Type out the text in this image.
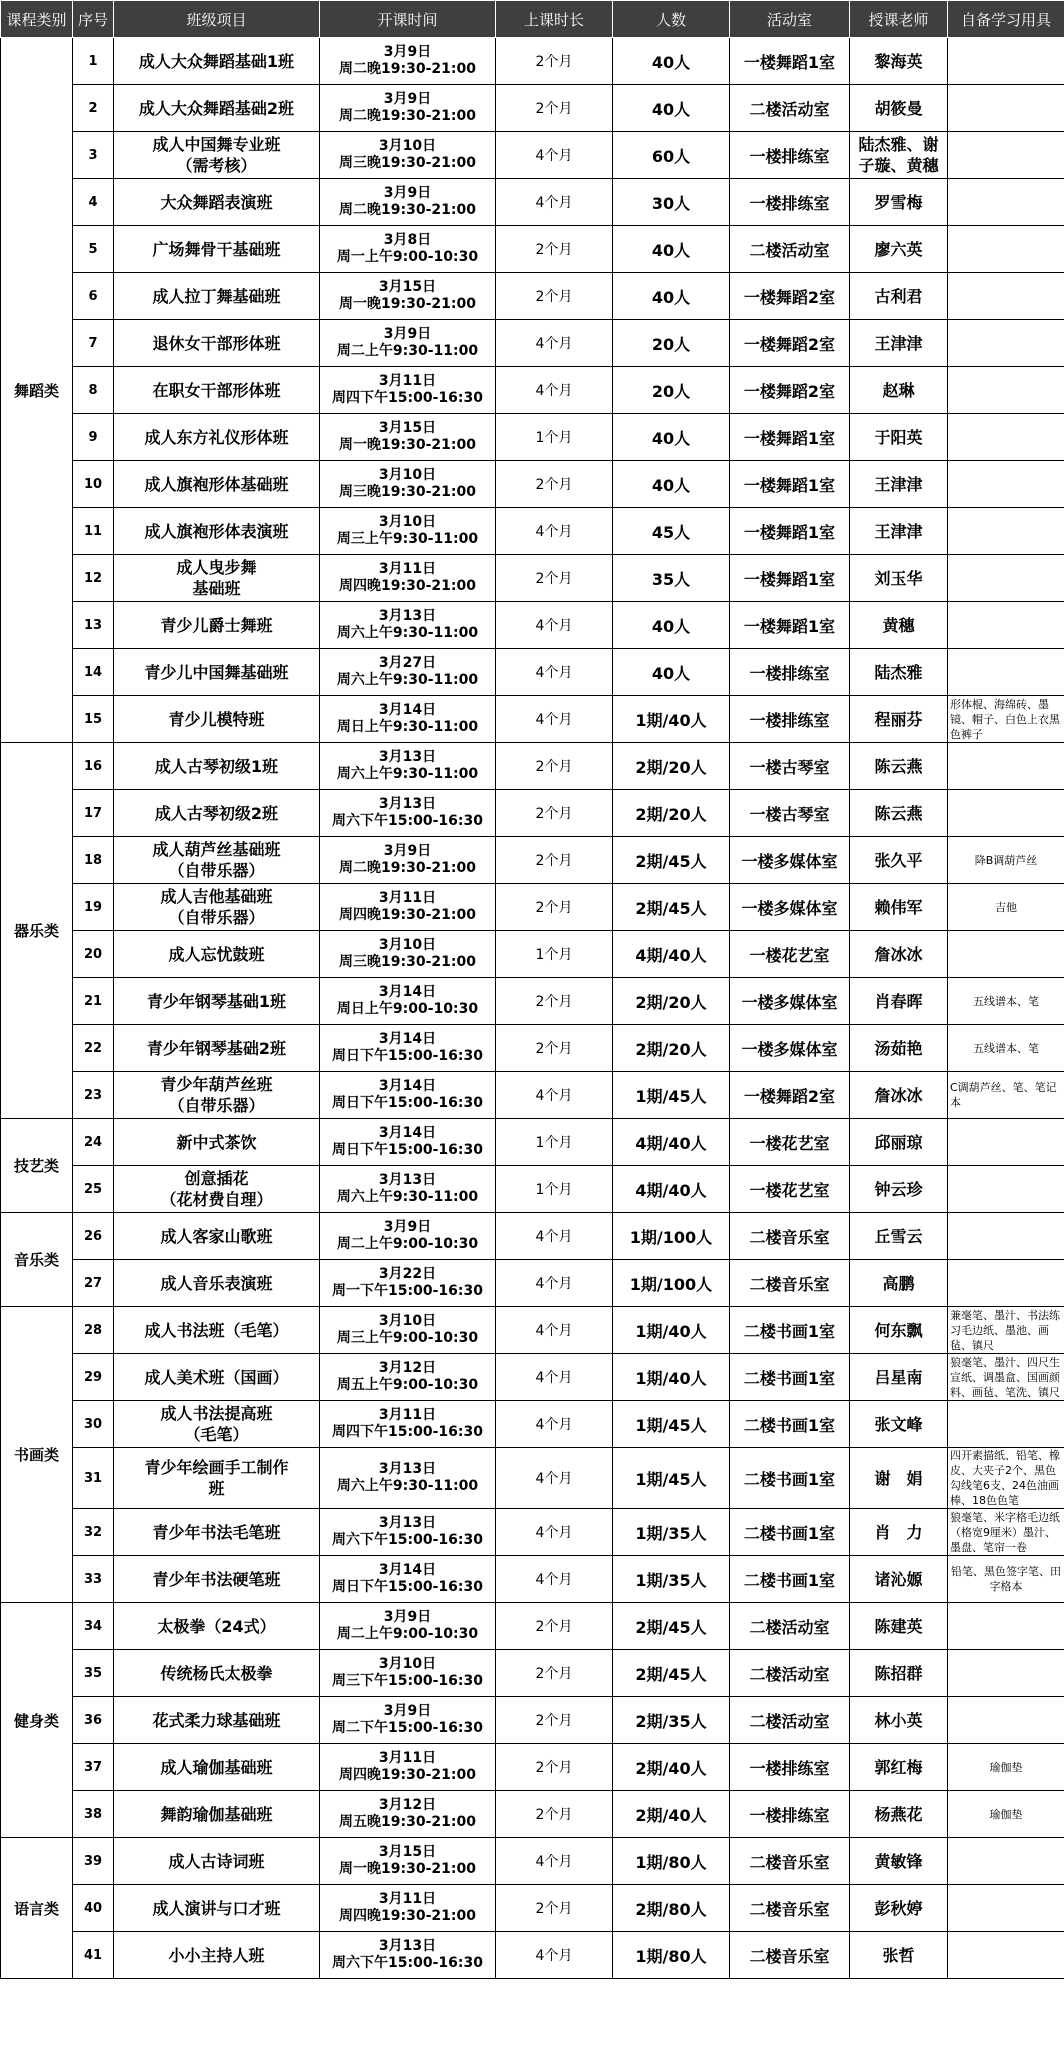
课程类别	序号	班级项目	开课时间	上课时长	人数	活动室	授课老师	自备学习用具
舞蹈类	1	成人大众舞蹈基础1班	3月9日
周二晚19:30-21:00	2个月	40人	一楼舞蹈1室	黎海英	

	2	成人大众舞蹈基础2班	3月9日
周二晚19:30-21:00	2个月	40人	二楼活动室	胡筱曼	

	3	成人中国舞专业班
（需考核）	3月10日
周三晚19:30-21:00	4个月	60人	一楼排练室	陆杰雅、谢
子璇、黄穗	

	4	大众舞蹈表演班	3月9日
周二晚19:30-21:00	4个月	30人	一楼排练室	罗雪梅	

	5	广场舞骨干基础班	3月8日
周一上午9:00-10:30	2个月	40人	二楼活动室	廖六英	

	6	成人拉丁舞基础班	3月15日
周一晚19:30-21:00	2个月	40人	一楼舞蹈2室	古利君	

	7	退休女干部形体班	3月9日
周二上午9:30-11:00	4个月	20人	一楼舞蹈2室	王津津	

	8	在职女干部形体班	3月11日
周四下午15:00-16:30	4个月	20人	一楼舞蹈2室	赵琳	

	9	成人东方礼仪形体班	3月15日
周一晚19:30-21:00	1个月	40人	一楼舞蹈1室	于阳英	

	10	成人旗袍形体基础班	3月10日
周三晚19:30-21:00	2个月	40人	一楼舞蹈1室	王津津	

	11	成人旗袍形体表演班	3月10日
周三上午9:30-11:00	4个月	45人	一楼舞蹈1室	王津津	

	12	成人曳步舞
基础班	3月11日
周四晚19:30-21:00	2个月	35人	一楼舞蹈1室	刘玉华	

	13	青少儿爵士舞班	3月13日
周六上午9:30-11:00	4个月	40人	一楼舞蹈1室	黄穗	

	14	青少儿中国舞基础班	3月27日
周六上午9:30-11:00	4个月	40人	一楼排练室	陆杰雅	

	15	青少儿模特班	3月14日
周日上午9:30-11:00	4个月	1期/40人	一楼排练室	程丽芬	形体棍、海绵砖、墨镜、帽子、白色上衣黑色裤子
器乐类	16	成人古琴初级1班	3月13日
周六上午9:30-11:00	2个月	2期/20人	一楼古琴室	陈云燕	

	17	成人古琴初级2班	3月13日
周六下午15:00-16:30	2个月	2期/20人	一楼古琴室	陈云燕	

	18	成人葫芦丝基础班
（自带乐器）	3月9日
周二晚19:30-21:00	2个月	2期/45人	一楼多媒体室	张久平	降B调葫芦丝
	19	成人吉他基础班
（自带乐器）	3月11日
周四晚19:30-21:00	2个月	2期/45人	一楼多媒体室	赖伟军	吉他
	20	成人忘忧鼓班	3月10日
周三晚19:30-21:00	1个月	4期/40人	一楼花艺室	詹冰冰	

	21	青少年钢琴基础1班	3月14日
周日上午9:00-10:30	2个月	2期/20人	一楼多媒体室	肖春晖	五线谱本、笔
	22	青少年钢琴基础2班	3月14日
周日下午15:00-16:30	2个月	2期/20人	一楼多媒体室	汤茹艳	五线谱本、笔
	23	青少年葫芦丝班
（自带乐器）	3月14日
周日下午15:00-16:30	4个月	1期/45人	一楼舞蹈2室	詹冰冰	C调葫芦丝、笔、笔记本
技艺类	24	新中式茶饮	3月14日
周日下午15:00-16:30	1个月	4期/40人	一楼花艺室	邱丽琼	

	25	创意插花
（花材费自理）	3月13日
周六上午9:30-11:00	1个月	4期/40人	一楼花艺室	钟云珍	

音乐类	26	成人客家山歌班	3月9日
周二上午9:00-10:30	4个月	1期/100人	二楼音乐室	丘雪云	

	27	成人音乐表演班	3月22日
周一下午15:00-16:30	4个月	1期/100人	二楼音乐室	高鹏	

书画类	28	成人书法班（毛笔）	3月10日
周三上午9:00-10:30	4个月	1期/40人	二楼书画1室	何东飘	兼毫笔、墨汁、书法练习毛边纸、墨池、画毡、镇尺
	29	成人美术班（国画）	3月12日
周五上午9:00-10:30	4个月	1期/40人	二楼书画1室	吕星南	狼毫笔、墨汁、四尺生宣纸、调墨盒、国画颜料、画毡、笔洗、镇尺
	30	成人书法提高班
（毛笔）	3月11日
周四下午15:00-16:30	4个月	1期/45人	二楼书画1室	张文峰	

	31	青少年绘画手工制作
班	3月13日
周六上午9:30-11:00	4个月	1期/45人	二楼书画1室	谢　娟	四开素描纸、铅笔、橡皮、大夹子2个、黑色勾线笔6支、24色油画棒、18色色笔
	32	青少年书法毛笔班	3月13日
周六下午15:00-16:30	4个月	1期/35人	二楼书画1室	肖　力	狼毫笔、米字格毛边纸（格宽9厘米）墨汁、墨盘、笔帘一卷
	33	青少年书法硬笔班	3月14日
周日下午15:00-16:30	4个月	1期/35人	二楼书画1室	诸沁嫄	铅笔、黑色签字笔、田字格本
健身类	34	太极拳（24式）	3月9日
周二上午9:00-10:30	2个月	2期/45人	二楼活动室	陈建英	

	35	传统杨氏太极拳	3月10日
周三下午15:00-16:30	2个月	2期/45人	二楼活动室	陈招群	

	36	花式柔力球基础班	3月9日
周二下午15:00-16:30	2个月	2期/35人	二楼活动室	林小英	

	37	成人瑜伽基础班	3月11日
周四晚19:30-21:00	2个月	2期/40人	一楼排练室	郭红梅	瑜伽垫
	38	舞韵瑜伽基础班	3月12日
周五晚19:30-21:00	2个月	2期/40人	一楼排练室	杨燕花	瑜伽垫
语言类	39	成人古诗词班	3月15日
周一晚19:30-21:00	4个月	1期/80人	二楼音乐室	黄敏锋	

	40	成人演讲与口才班	3月11日
周四晚19:30-21:00	2个月	2期/80人	二楼音乐室	彭秋婷	

	41	小小主持人班	3月13日
周六下午15:00-16:30	4个月	1期/80人	二楼音乐室	张哲	
